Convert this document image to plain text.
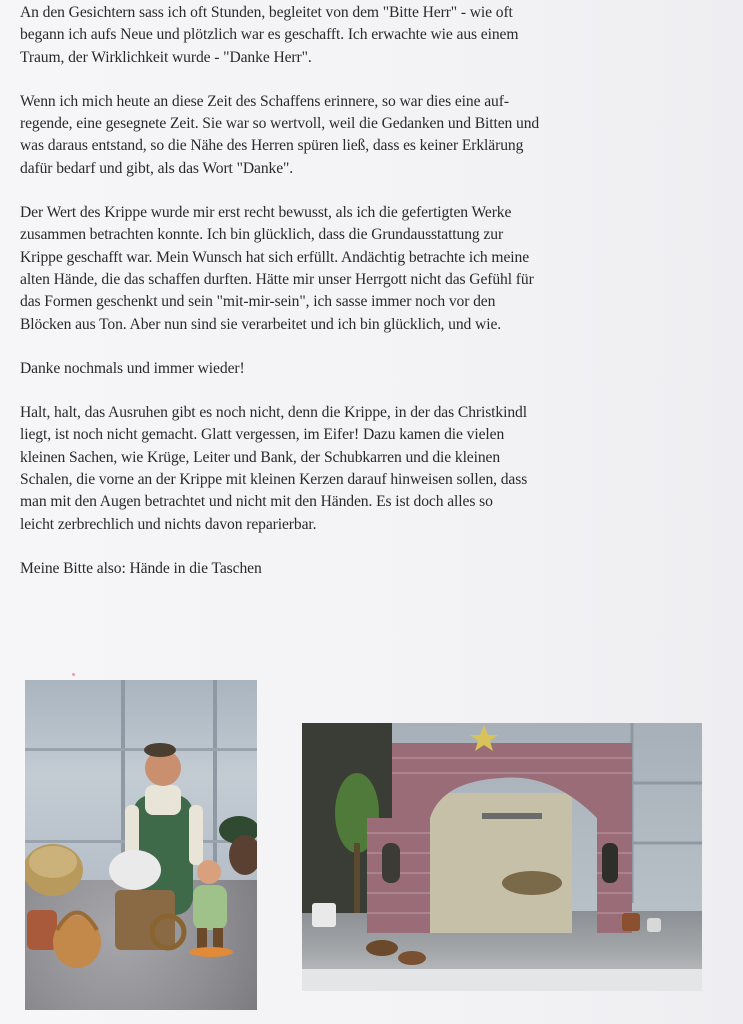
An den Gesichtern sass ich oft Stunden, begleitet von dem "Bitte Herr" - wie oft
begann ich aufs Neue und plötzlich war es geschafft. Ich erwachte wie aus einem
Traum, der Wirklichkeit wurde - "Danke Herr".

Wenn ich mich heute an diese Zeit des Schaffens erinnere, so war dies eine auf-
regende, eine gesegnete Zeit. Sie war so wertvoll, weil die Gedanken und Bitten und
was daraus entstand, so die Nähe des Herren spüren ließ, dass es keiner Erklärung
dafür bedarf und gibt, als das Wort "Danke".

Der Wert des Krippe wurde mir erst recht bewusst, als ich die gefertigten Werke
zusammen betrachten konnte. Ich bin glücklich, dass die Grundausstattung zur
Krippe geschafft war. Mein Wunsch hat sich erfüllt. Andächtig betrachte ich meine
alten Hände, die das schaffen durften. Hätte mir unser Herrgott nicht das Gefühl für
das Formen geschenkt und sein "mit-mir-sein", ich sasse immer noch vor den
Blöcken aus Ton. Aber nun sind sie verarbeitet und ich bin glücklich, und wie.

Danke nochmals und immer wieder!

Halt, halt, das Ausruhen gibt es noch nicht, denn die Krippe, in der das Christkindl
liegt, ist noch nicht gemacht. Glatt vergessen, im Eifer! Dazu kamen die vielen
kleinen Sachen, wie Krüge, Leiter und Bank, der Schubkarren und die kleinen
Schalen, die vorne an der Krippe mit kleinen Kerzen darauf hinweisen sollen, dass
man mit den Augen betrachtet und nicht mit den Händen. Es ist doch alles so
leicht zerbrechlich und nichts davon reparierbar.

Meine Bitte also: Hände in die Taschen
